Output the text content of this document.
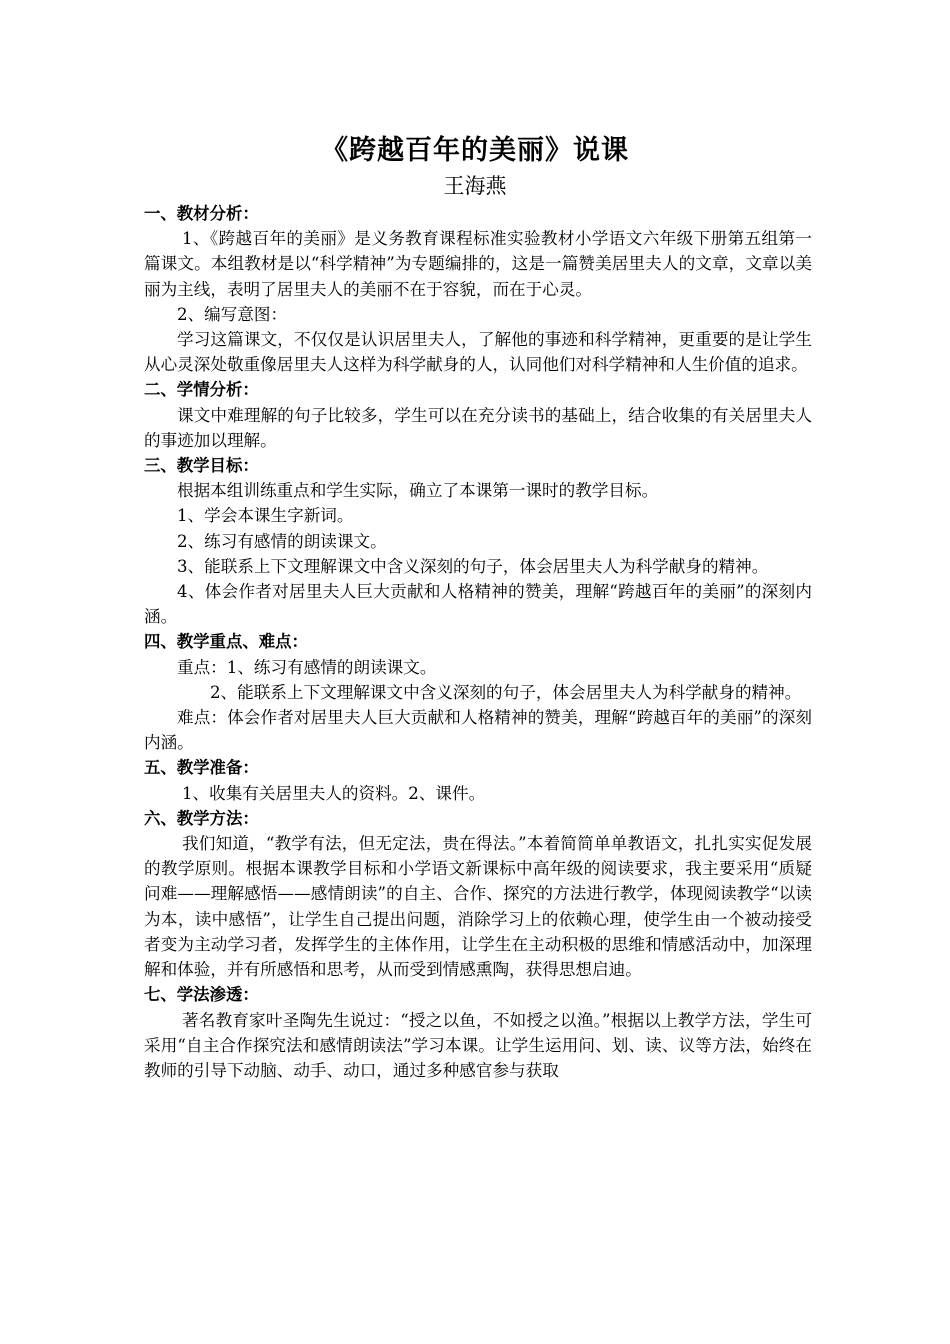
《跨越百年的美丽》说课
王海燕

一、教材分析：

1、《跨越百年的美丽》是义务教育课程标准实验教材小学语文六年级下册第五组第一篇课文。本组教材是以“科学精神”为专题编排的，这是一篇赞美居里夫人的文章，文章以美丽为主线，表明了居里夫人的美丽不在于容貌，而在于心灵。

2、编写意图：

学习这篇课文，不仅仅是认识居里夫人，了解他的事迹和科学精神，更重要的是让学生从心灵深处敬重像居里夫人这样为科学献身的人，认同他们对科学精神和人生价值的追求。

二、学情分析：

课文中难理解的句子比较多，学生可以在充分读书的基础上，结合收集的有关居里夫人的事迹加以理解。

三、教学目标：

根据本组训练重点和学生实际，确立了本课第一课时的教学目标。

1、学会本课生字新词。

2、练习有感情的朗读课文。

3、能联系上下文理解课文中含义深刻的句子，体会居里夫人为科学献身的精神。

4、体会作者对居里夫人巨大贡献和人格精神的赞美，理解“跨越百年的美丽”的深刻内涵。

四、教学重点、难点：

重点：1、练习有感情的朗读课文。

2、能联系上下文理解课文中含义深刻的句子，体会居里夫人为科学献身的精神。

难点：体会作者对居里夫人巨大贡献和人格精神的赞美，理解“跨越百年的美丽”的深刻内涵。

五、教学准备：

1、收集有关居里夫人的资料。2、课件。

六、教学方法：

我们知道，“教学有法，但无定法，贵在得法。”本着简简单单教语文，扎扎实实促发展的教学原则。根据本课教学目标和小学语文新课标中高年级的阅读要求，我主要采用“质疑问难——理解感悟——感情朗读”的自主、合作、探究的方法进行教学，体现阅读教学“以读为本，读中感悟”，让学生自己提出问题，消除学习上的依赖心理，使学生由一个被动接受者变为主动学习者，发挥学生的主体作用，让学生在主动积极的思维和情感活动中，加深理解和体验，并有所感悟和思考，从而受到情感熏陶，获得思想启迪。

七、学法渗透：

著名教育家叶圣陶先生说过：“授之以鱼，不如授之以渔。”根据以上教学方法，学生可采用“自主合作探究法和感情朗读法”学习本课。让学生运用问、划、读、议等方法，始终在教师的引导下动脑、动手、动口，通过多种感官参与获取
